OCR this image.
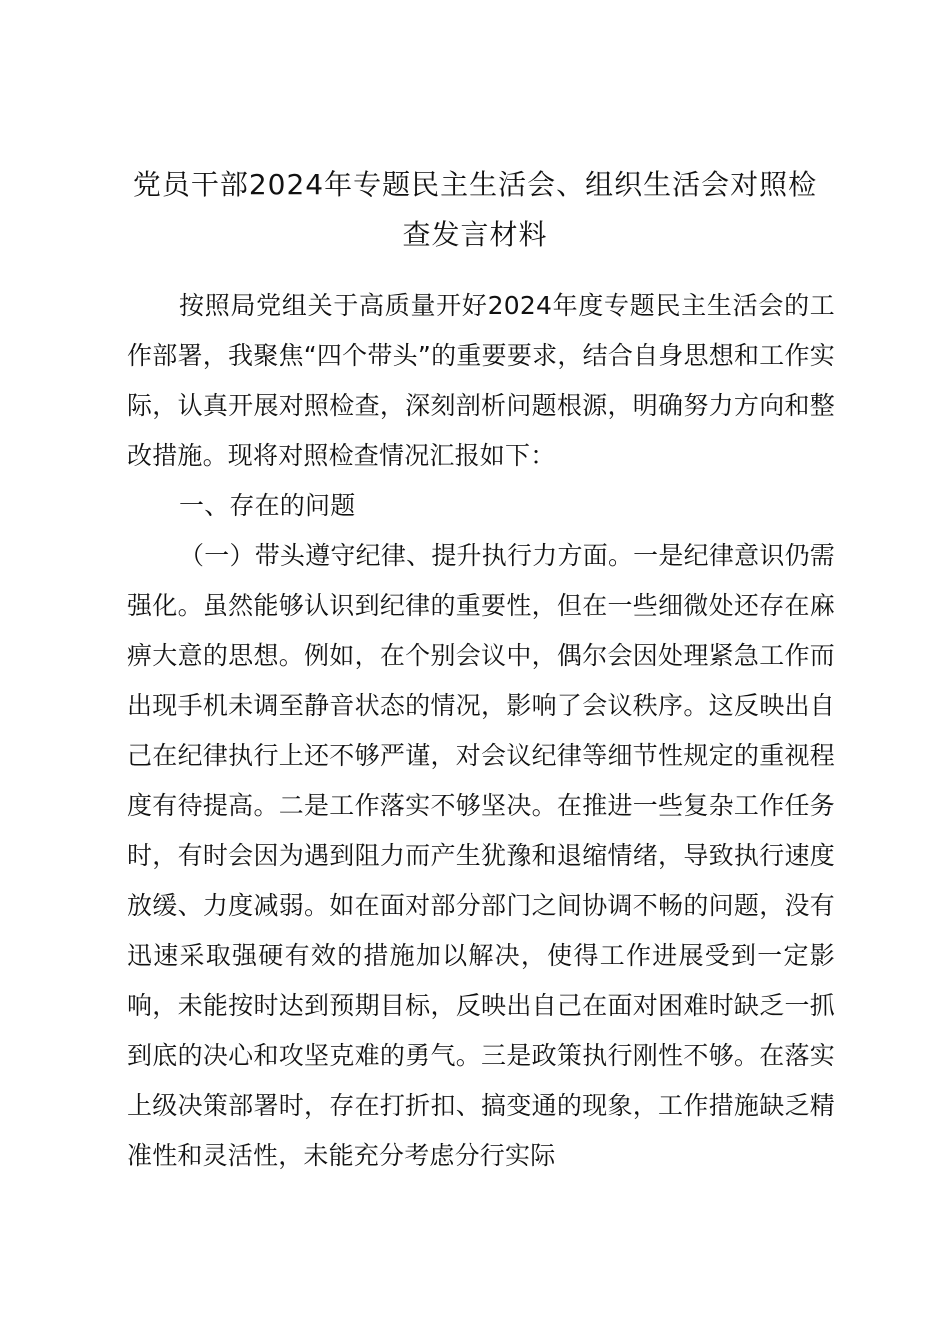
党员干部2024年专题民主生活会、组织生活会对照检查发言材料

按照局党组关于高质量开好2024年度专题民主生活会的工作部署，我聚焦“四个带头”的重要要求，结合自身思想和工作实际，认真开展对照检查，深刻剖析问题根源，明确努力方向和整改措施。现将对照检查情况汇报如下：

一、存在的问题

（一）带头遵守纪律、提升执行力方面。一是纪律意识仍需强化。虽然能够认识到纪律的重要性，但在一些细微处还存在麻痹大意的思想。例如，在个别会议中，偶尔会因处理紧急工作而出现手机未调至静音状态的情况，影响了会议秩序。这反映出自己在纪律执行上还不够严谨，对会议纪律等细节性规定的重视程度有待提高。二是工作落实不够坚决。在推进一些复杂工作任务时，有时会因为遇到阻力而产生犹豫和退缩情绪，导致执行速度放缓、力度减弱。如在面对部分部门之间协调不畅的问题，没有迅速采取强硬有效的措施加以解决，使得工作进展受到一定影响，未能按时达到预期目标，反映出自己在面对困难时缺乏一抓到底的决心和攻坚克难的勇气。三是政策执行刚性不够。在落实上级决策部署时，存在打折扣、搞变通的现象，工作措施缺乏精准性和灵活性，未能充分考虑分行实际
